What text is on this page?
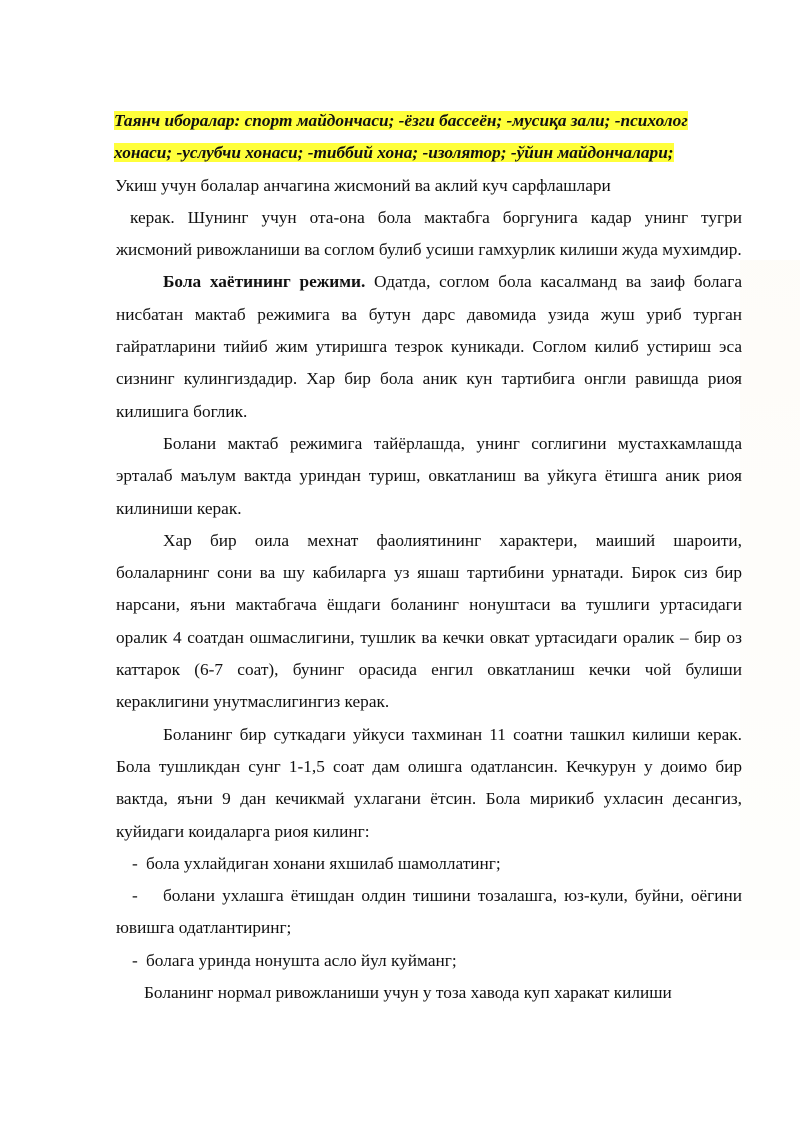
Таянч иборалар: спорт майдончаси; -ёзги бассеён; -мусиқа зали; -психолог

хонаси; -услубчи хонаси; -тиббий хона; -изолятор; -ўйин майдончалари;

Укиш учун болалар анчагина жисмоний ва аклий куч сарфлашлари

керак. Шунинг учун ота-она бола мактабга боргунига кадар унинг тугри жисмоний ривожланиши ва соглом булиб усиши гамхурлик килиши жуда мухимдир.

Бола хаётининг режими. Одатда, соглом бола касалманд ва заиф болага нисбатан мактаб режимига ва бутун дарс давомида узида жуш уриб турган гайратларини тийиб жим утиришга тезрок куникади. Соглом килиб устириш эса сизнинг кулингиздадир. Хар бир бола аник кун тартибига онгли равишда риоя килишига боглик.

Болани мактаб режимига тайёрлашда, унинг соглигини мустахкамлашда эрталаб маълум вактда уриндан туриш, овкатланиш ва уйкуга ётишга аник риоя килиниши керак.

Хар бир оила мехнат фаолиятининг характери, маиший шароити, болаларнинг сони ва шу кабиларга уз яшаш тартибини урнатади. Бирок сиз бир нарсани, яъни мактабгача ёшдаги боланинг нонуштаси ва тушлиги уртасидаги оралик 4 соатдан ошмаслигини, тушлик ва кечки овкат уртасидаги оралик – бир оз каттарок (6-7 соат), бунинг орасида енгил овкатланиш кечки чой булиши кераклигини унутмаслигингиз керак.

Боланинг бир суткадаги уйкуси тахминан 11 соатни ташкил килиши керак. Бола тушликдан сунг 1-1,5 соат дам олишга одатлансин. Кечкурун у доимо бир вактда, яъни 9 дан кечикмай ухлагани ётсин. Бола мирикиб ухласин десангиз, куйидаги коидаларга риоя килинг:

- бола ухлайдиган хонани яхшилаб шамоллатинг;
- болани ухлашга ётишдан олдин тишини тозалашга, юз-кули, буйни, оёгини ювишга одатлантиринг;
- болага уринда нонушта асло йул куйманг;

Боланинг нормал ривожланиши учун у тоза хавода куп харакат килиши
